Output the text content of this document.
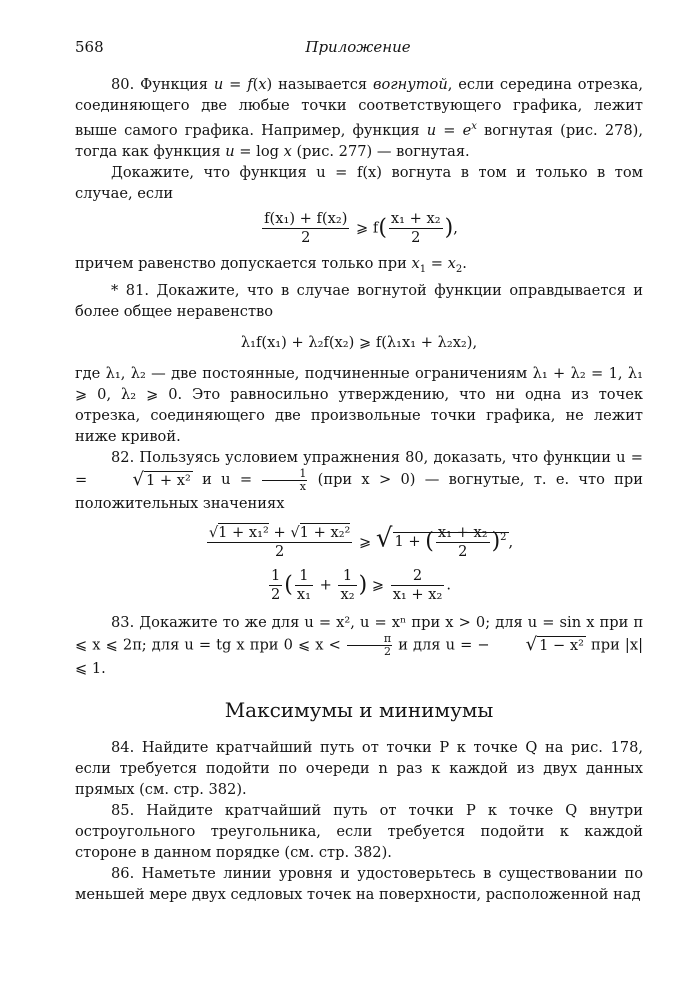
568	Приложение

80. Функция u = f(x) называется вогнутой, если середина отрезка, соединяющего две любые точки соответствующего графика, лежит выше самого графика. Например, функция $u = e^x$ вогнутая (рис. 278), тогда как функция u = log x (рис. 277) — вогнутая.

Докажите, что функция u = f(x) вогнута в том и только в том случае, если

$\frac{\text{f(x₁) + f(x₂)}}{2}$ ⩾ $f( \frac{\text{x₁ + x₂}}{2}$ ),

причем равенство допускается только при $x_1 = x_2$.

* 81. Докажите, что в случае вогнутой функции оправдывается и более общее неравенство

λ₁f(x₁) + λ₂f(x₂) ⩾ f(λ₁x₁ + λ₂x₂),

где λ₁, λ₂ — две постоянные, подчиненные ограничениям λ₁ + λ₂ = 1, λ₁ ⩾ 0, λ₂ ⩾ 0. Это равносильно утверждению, что ни одна из точек отрезка, соединяющего две произвольные точки графика, не лежит ниже кривой.

82. Пользуясь условием упражнения 80, доказать, что функции u = = √ 1 + x² и $u = \frac{1}{x} (при$ x > 0) — вогнутые, т. е. что при положительных значениях

$\frac{\text{√1 + x₁² + √1 + x₂²}}{2}$ ⩾ √ 1 + ( $\frac{\text{x₁ + x₂}}{2} )^2$ ,
$\frac{1}{2}$ ( $\frac{1}{\text{x₁}} + \frac{1}{\text{x₂}}$ ) ⩾ $\frac{2}{\text{x₁ + x₂}}$ .

83. Докажите то же для u = x², u = xⁿ при x > 0; для u = sin x при π ⩽ x ⩽ 2π; для u = tg x при 0 ⩽ $x < \frac{\pi}{2}$ и для u = − √ 1 − x² при |x| ⩽ 1.

Максимумы и минимумы

84. Найдите кратчайший путь от точки P к точке Q на рис. 178, если требуется подойти по очереди n раз к каждой из двух данных прямых (см. стр. 382).

85. Найдите кратчайший путь от точки P к точке Q внутри остроугольного треугольника, если требуется подойти к каждой стороне в данном порядке (см. стр. 382).

86. Наметьте линии уровня и удостоверьтесь в существовании по меньшей мере двух седловых точек на поверхности, расположенной над
